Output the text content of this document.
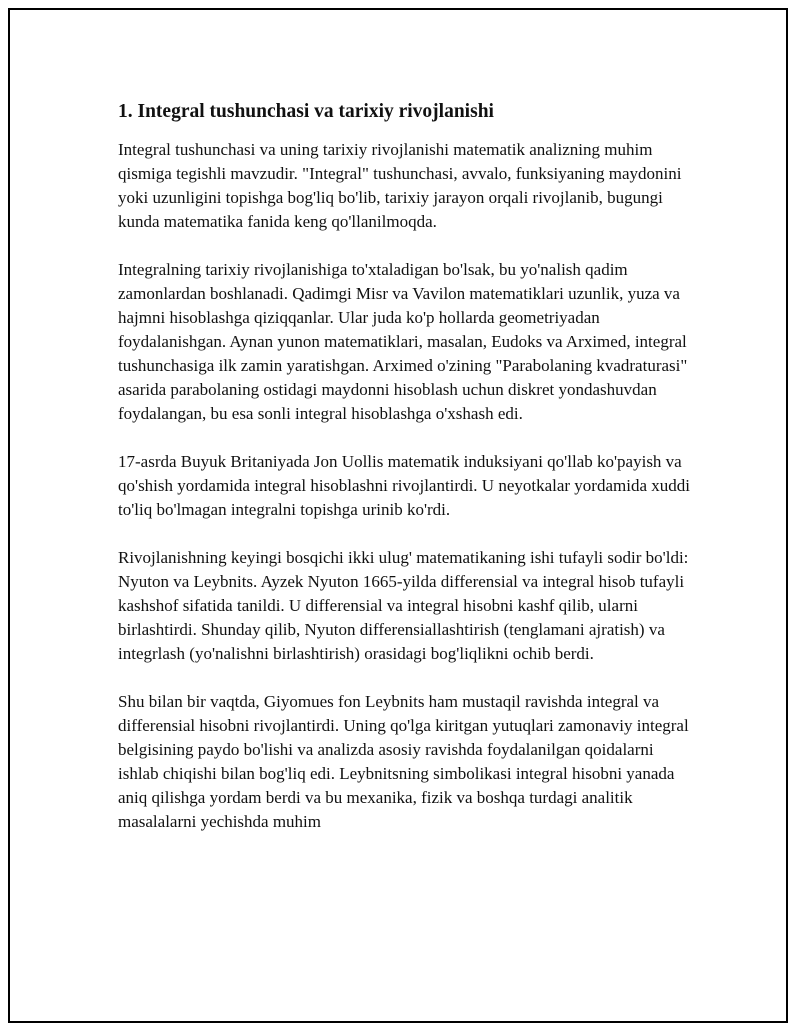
1. Integral tushunchasi va tarixiy rivojlanishi

Integral tushunchasi va uning tarixiy rivojlanishi matematik analizning muhim qismiga tegishli mavzudir. "Integral" tushunchasi, avvalo, funksiyaning maydonini yoki uzunligini topishga bog'liq bo'lib, tarixiy jarayon orqali rivojlanib, bugungi kunda matematika fanida keng qo'llanilmoqda.

Integralning tarixiy rivojlanishiga to'xtaladigan bo'lsak, bu yo'nalish qadim zamonlardan boshlanadi. Qadimgi Misr va Vavilon matematiklari uzunlik, yuza va hajmni hisoblashga qiziqqanlar. Ular juda ko'p hollarda geometriyadan foydalanishgan. Aynan yunon matematiklari, masalan, Eudoks va Arximed, integral tushunchasiga ilk zamin yaratishgan. Arximed o'zining "Parabolaning kvadraturasi" asarida parabolaning ostidagi maydonni hisoblash uchun diskret yondashuvdan foydalangan, bu esa sonli integral hisoblashga o'xshash edi.

17-asrda Buyuk Britaniyada Jon Uollis matematik induksiyani qo'llab ko'payish va qo'shish yordamida integral hisoblashni rivojlantirdi. U neyotkalar yordamida xuddi to'liq bo'lmagan integralni topishga urinib ko'rdi.

Rivojlanishning keyingi bosqichi ikki ulug' matematikaning ishi tufayli sodir bo'ldi: Nyuton va Leybnits. Ayzek Nyuton 1665-yilda differensial va integral hisob tufayli kashshof sifatida tanildi. U differensial va integral hisobni kashf qilib, ularni birlashtirdi. Shunday qilib, Nyuton differensiallashtirish (tenglamani ajratish) va integrlash (yo'nalishni birlashtirish) orasidagi bog'liqlikni ochib berdi.

Shu bilan bir vaqtda, Giyomues fon Leybnits ham mustaqil ravishda integral va differensial hisobni rivojlantirdi. Uning qo'lga kiritgan yutuqlari zamonaviy integral belgisining paydo bo'lishi va analizda asosiy ravishda foydalanilgan qoidalarni ishlab chiqishi bilan bog'liq edi. Leybnitsning simbolikasi integral hisobni yanada aniq qilishga yordam berdi va bu mexanika, fizik va boshqa turdagi analitik masalalarni yechishda muhim
